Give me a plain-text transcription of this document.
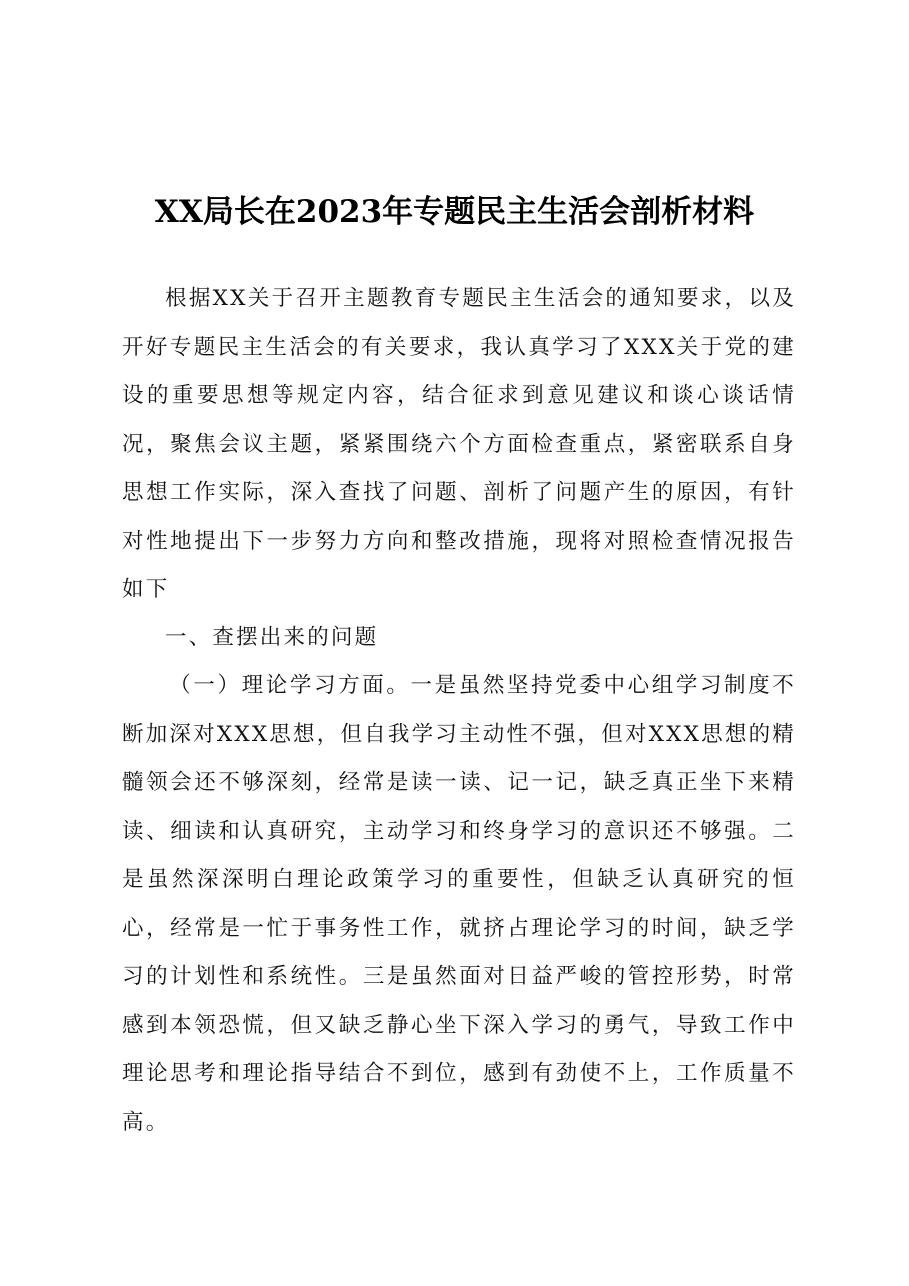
XX局长在2023年专题民主生活会剖析材料

根据XX关于召开主题教育专题民主生活会的通知要求，以及开好专题民主生活会的有关要求，我认真学习了XXX关于党的建设的重要思想等规定内容，结合征求到意见建议和谈心谈话情况，聚焦会议主题，紧紧围绕六个方面检查重点，紧密联系自身思想工作实际，深入查找了问题、剖析了问题产生的原因，有针对性地提出下一步努力方向和整改措施，现将对照检查情况报告如下

一、查摆出来的问题

（一）理论学习方面。一是虽然坚持党委中心组学习制度不断加深对XXX思想，但自我学习主动性不强，但对XXX思想的精髓领会还不够深刻，经常是读一读、记一记，缺乏真正坐下来精读、细读和认真研究，主动学习和终身学习的意识还不够强。二是虽然深深明白理论政策学习的重要性，但缺乏认真研究的恒心，经常是一忙于事务性工作，就挤占理论学习的时间，缺乏学习的计划性和系统性。三是虽然面对日益严峻的管控形势，时常感到本领恐慌，但又缺乏静心坐下深入学习的勇气，导致工作中理论思考和理论指导结合不到位，感到有劲使不上，工作质量不高。
